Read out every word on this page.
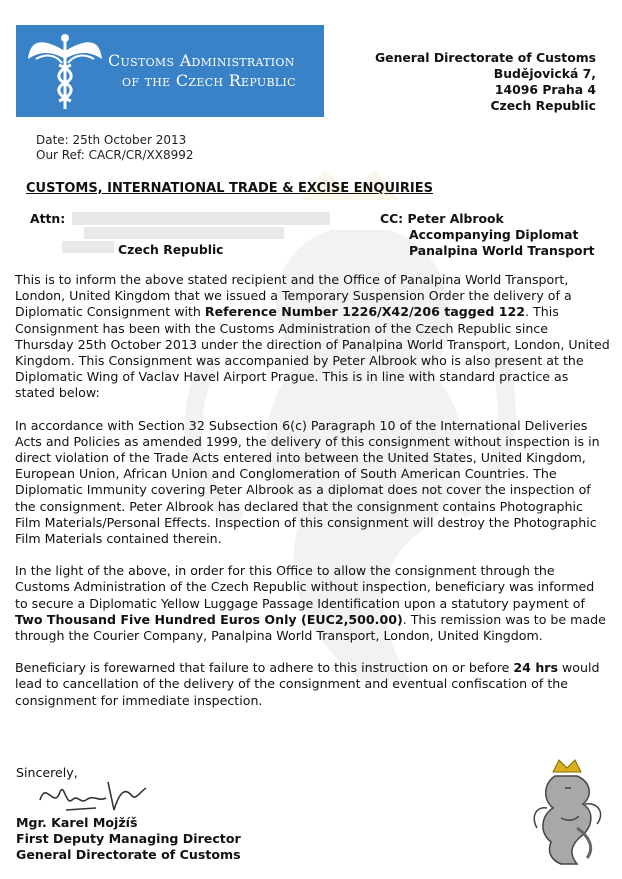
Customs Administration
of the Czech Republic
General Directorate of Customs
Budějovická 7,
14096 Praha 4
Czech Republic
Date: 25th October 2013
Our Ref: CACR/CR/XX8992
CUSTOMS, INTERNATIONAL TRADE & EXCISE ENQUIRIES
Attn:
Czech Republic
CC: Peter Albrook
Accompanying Diplomat
Panalpina World Transport

This is to inform the above stated recipient and the Office of Panalpina World Transport, London, United Kingdom that we issued a Temporary Suspension Order the delivery of a Diplomatic Consignment with Reference Number 1226/X42/206 tagged 122. This Consignment has been with the Customs Administration of the Czech Republic since Thursday 25th October 2013 under the direction of Panalpina World Transport, London, United Kingdom. This Consignment was accompanied by Peter Albrook who is also present at the Diplomatic Wing of Vaclav Havel Airport Prague. This is in line with standard practice as stated below:

In accordance with Section 32 Subsection 6(c) Paragraph 10 of the International Deliveries Acts and Policies as amended 1999, the delivery of this consignment without inspection is in direct violation of the Trade Acts entered into between the United States, United Kingdom, European Union, African Union and Conglomeration of South American Countries. The Diplomatic Immunity covering Peter Albrook as a diplomat does not cover the inspection of the consignment. Peter Albrook has declared that the consignment contains Photographic Film Materials/Personal Effects. Inspection of this consignment will destroy the Photographic Film Materials contained therein.

In the light of the above, in order for this Office to allow the consignment through the Customs Administration of the Czech Republic without inspection, beneficiary was informed to secure a Diplomatic Yellow Luggage Passage Identification upon a statutory payment of Two Thousand Five Hundred Euros Only (EUC2,500.00). This remission was to be made through the Courier Company, Panalpina World Transport, London, United Kingdom.

Beneficiary is forewarned that failure to adhere to this instruction on or before 24 hrs would lead to cancellation of the delivery of the consignment and eventual confiscation of the consignment for immediate inspection.

Sincerely,
Mgr. Karel Mojžíš
First Deputy Managing Director
General Directorate of Customs
